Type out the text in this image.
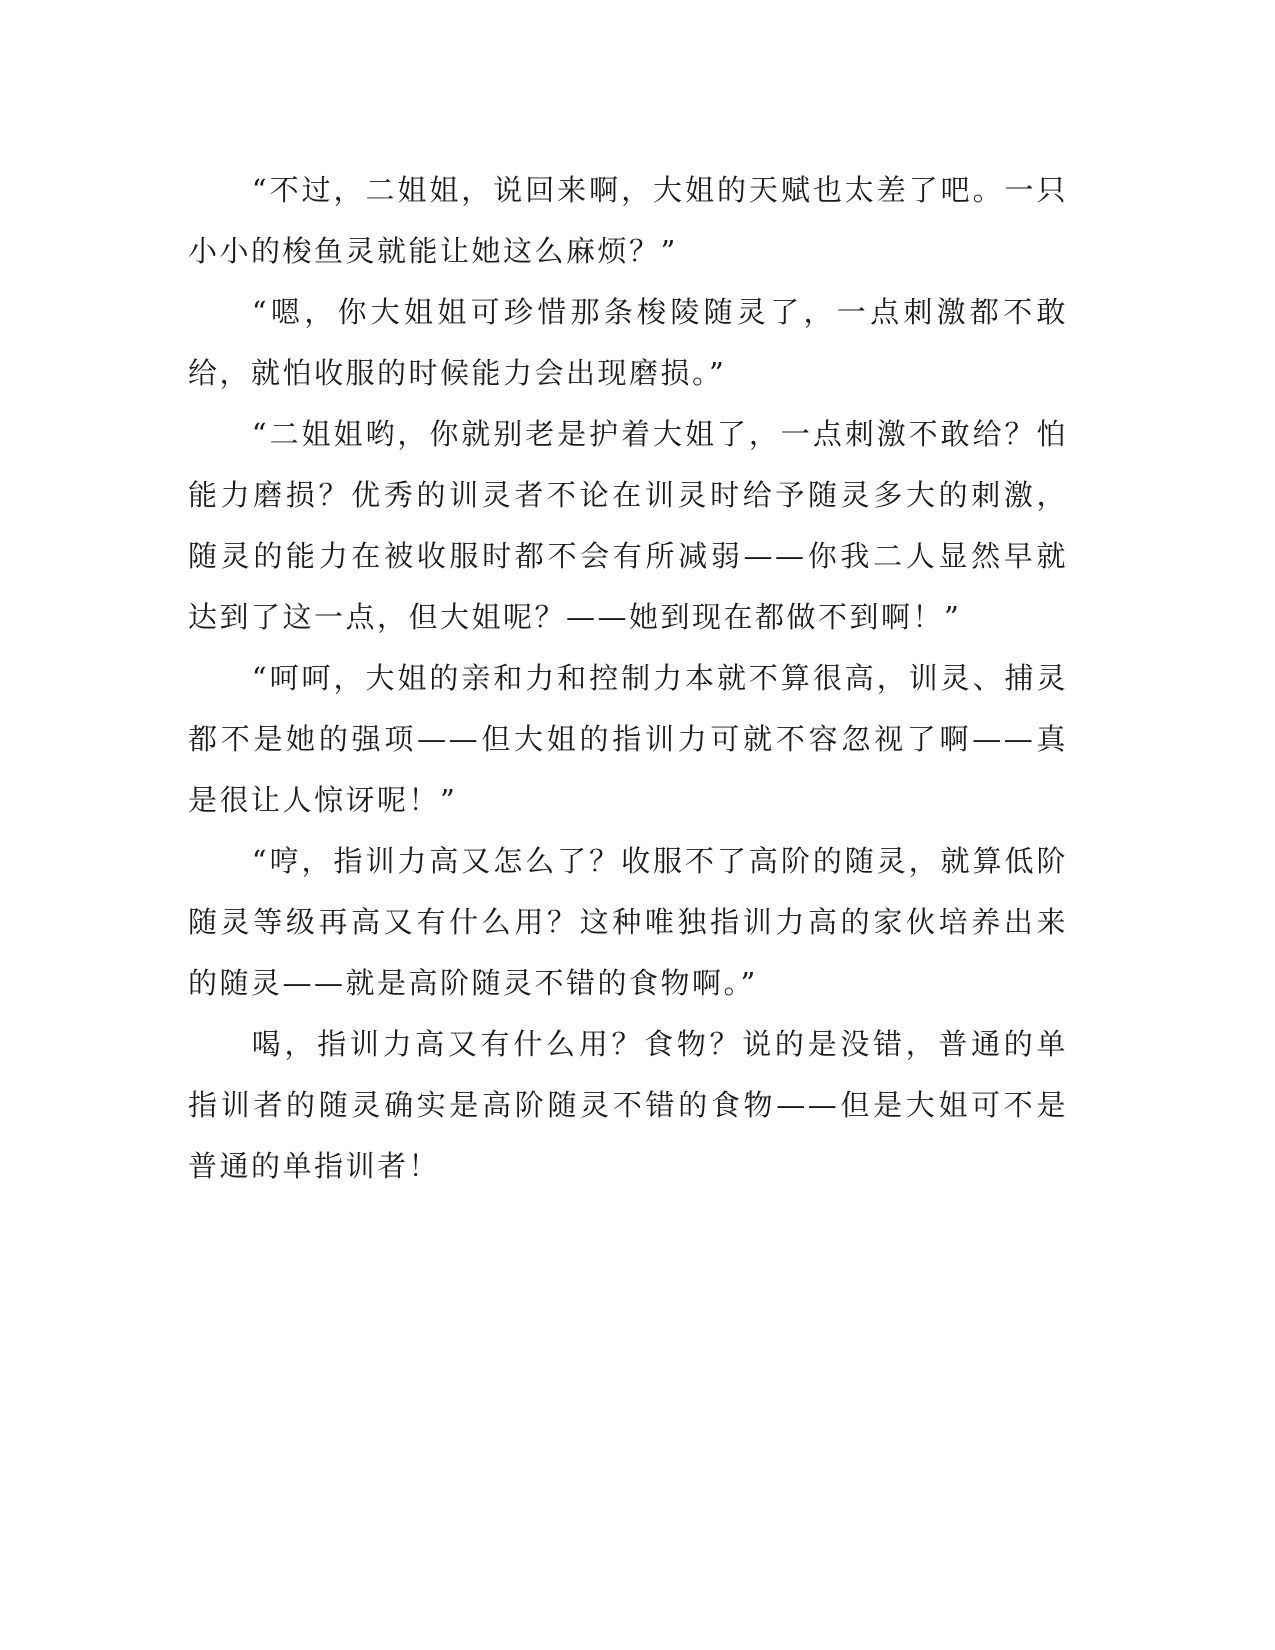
“不过，二姐姐，说回来啊，大姐的天赋也太差了吧。一只小小的梭鱼灵就能让她这么麻烦？”

“嗯，你大姐姐可珍惜那条梭陵随灵了，一点刺激都不敢给，就怕收服的时候能力会出现磨损。”

“二姐姐哟，你就别老是护着大姐了，一点刺激不敢给？怕能力磨损？优秀的训灵者不论在训灵时给予随灵多大的刺激，随灵的能力在被收服时都不会有所减弱——你我二人显然早就达到了这一点，但大姐呢？——她到现在都做不到啊！”

“呵呵，大姐的亲和力和控制力本就不算很高，训灵、捕灵都不是她的强项——但大姐的指训力可就不容忽视了啊——真是很让人惊讶呢！”

“哼，指训力高又怎么了？收服不了高阶的随灵，就算低阶随灵等级再高又有什么用？这种唯独指训力高的家伙培养出来的随灵——就是高阶随灵不错的食物啊。”

喝，指训力高又有什么用？食物？说的是没错，普通的单指训者的随灵确实是高阶随灵不错的食物——但是大姐可不是普通的单指训者！
